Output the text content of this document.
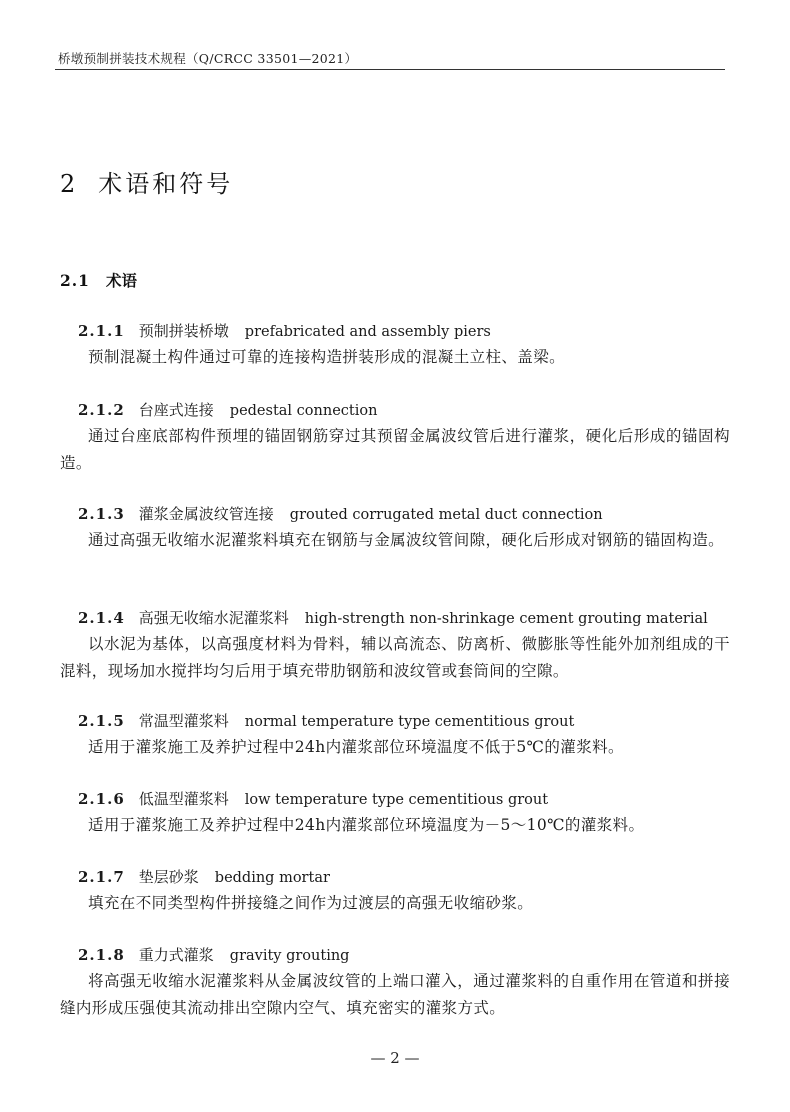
桥墩预制拼装技术规程（Q/CRCC 33501—2021）
2 术语和符号
2.1 术语
2.1.1 预制拼装桥墩 prefabricated and assembly piers

预制混凝土构件通过可靠的连接构造拼装形成的混凝土立柱、盖梁。

2.1.2 台座式连接 pedestal connection

通过台座底部构件预埋的锚固钢筋穿过其预留金属波纹管后进行灌浆，硬化后形成的锚固构造。

2.1.3 灌浆金属波纹管连接 grouted corrugated metal duct connection

通过高强无收缩水泥灌浆料填充在钢筋与金属波纹管间隙，硬化后形成对钢筋的锚固构造。

2.1.4 高强无收缩水泥灌浆料 high-strength non-shrinkage cement grouting material

以水泥为基体，以高强度材料为骨料，辅以高流态、防离析、微膨胀等性能外加剂组成的干混料，现场加水搅拌均匀后用于填充带肋钢筋和波纹管或套筒间的空隙。

2.1.5 常温型灌浆料 normal temperature type cementitious grout

适用于灌浆施工及养护过程中24h内灌浆部位环境温度不低于5℃的灌浆料。

2.1.6 低温型灌浆料 low temperature type cementitious grout

适用于灌浆施工及养护过程中24h内灌浆部位环境温度为－5～10℃的灌浆料。

2.1.7 垫层砂浆 bedding mortar

填充在不同类型构件拼接缝之间作为过渡层的高强无收缩砂浆。

2.1.8 重力式灌浆 gravity grouting

将高强无收缩水泥灌浆料从金属波纹管的上端口灌入，通过灌浆料的自重作用在管道和拼接缝内形成压强使其流动排出空隙内空气、填充密实的灌浆方式。

— 2 —
